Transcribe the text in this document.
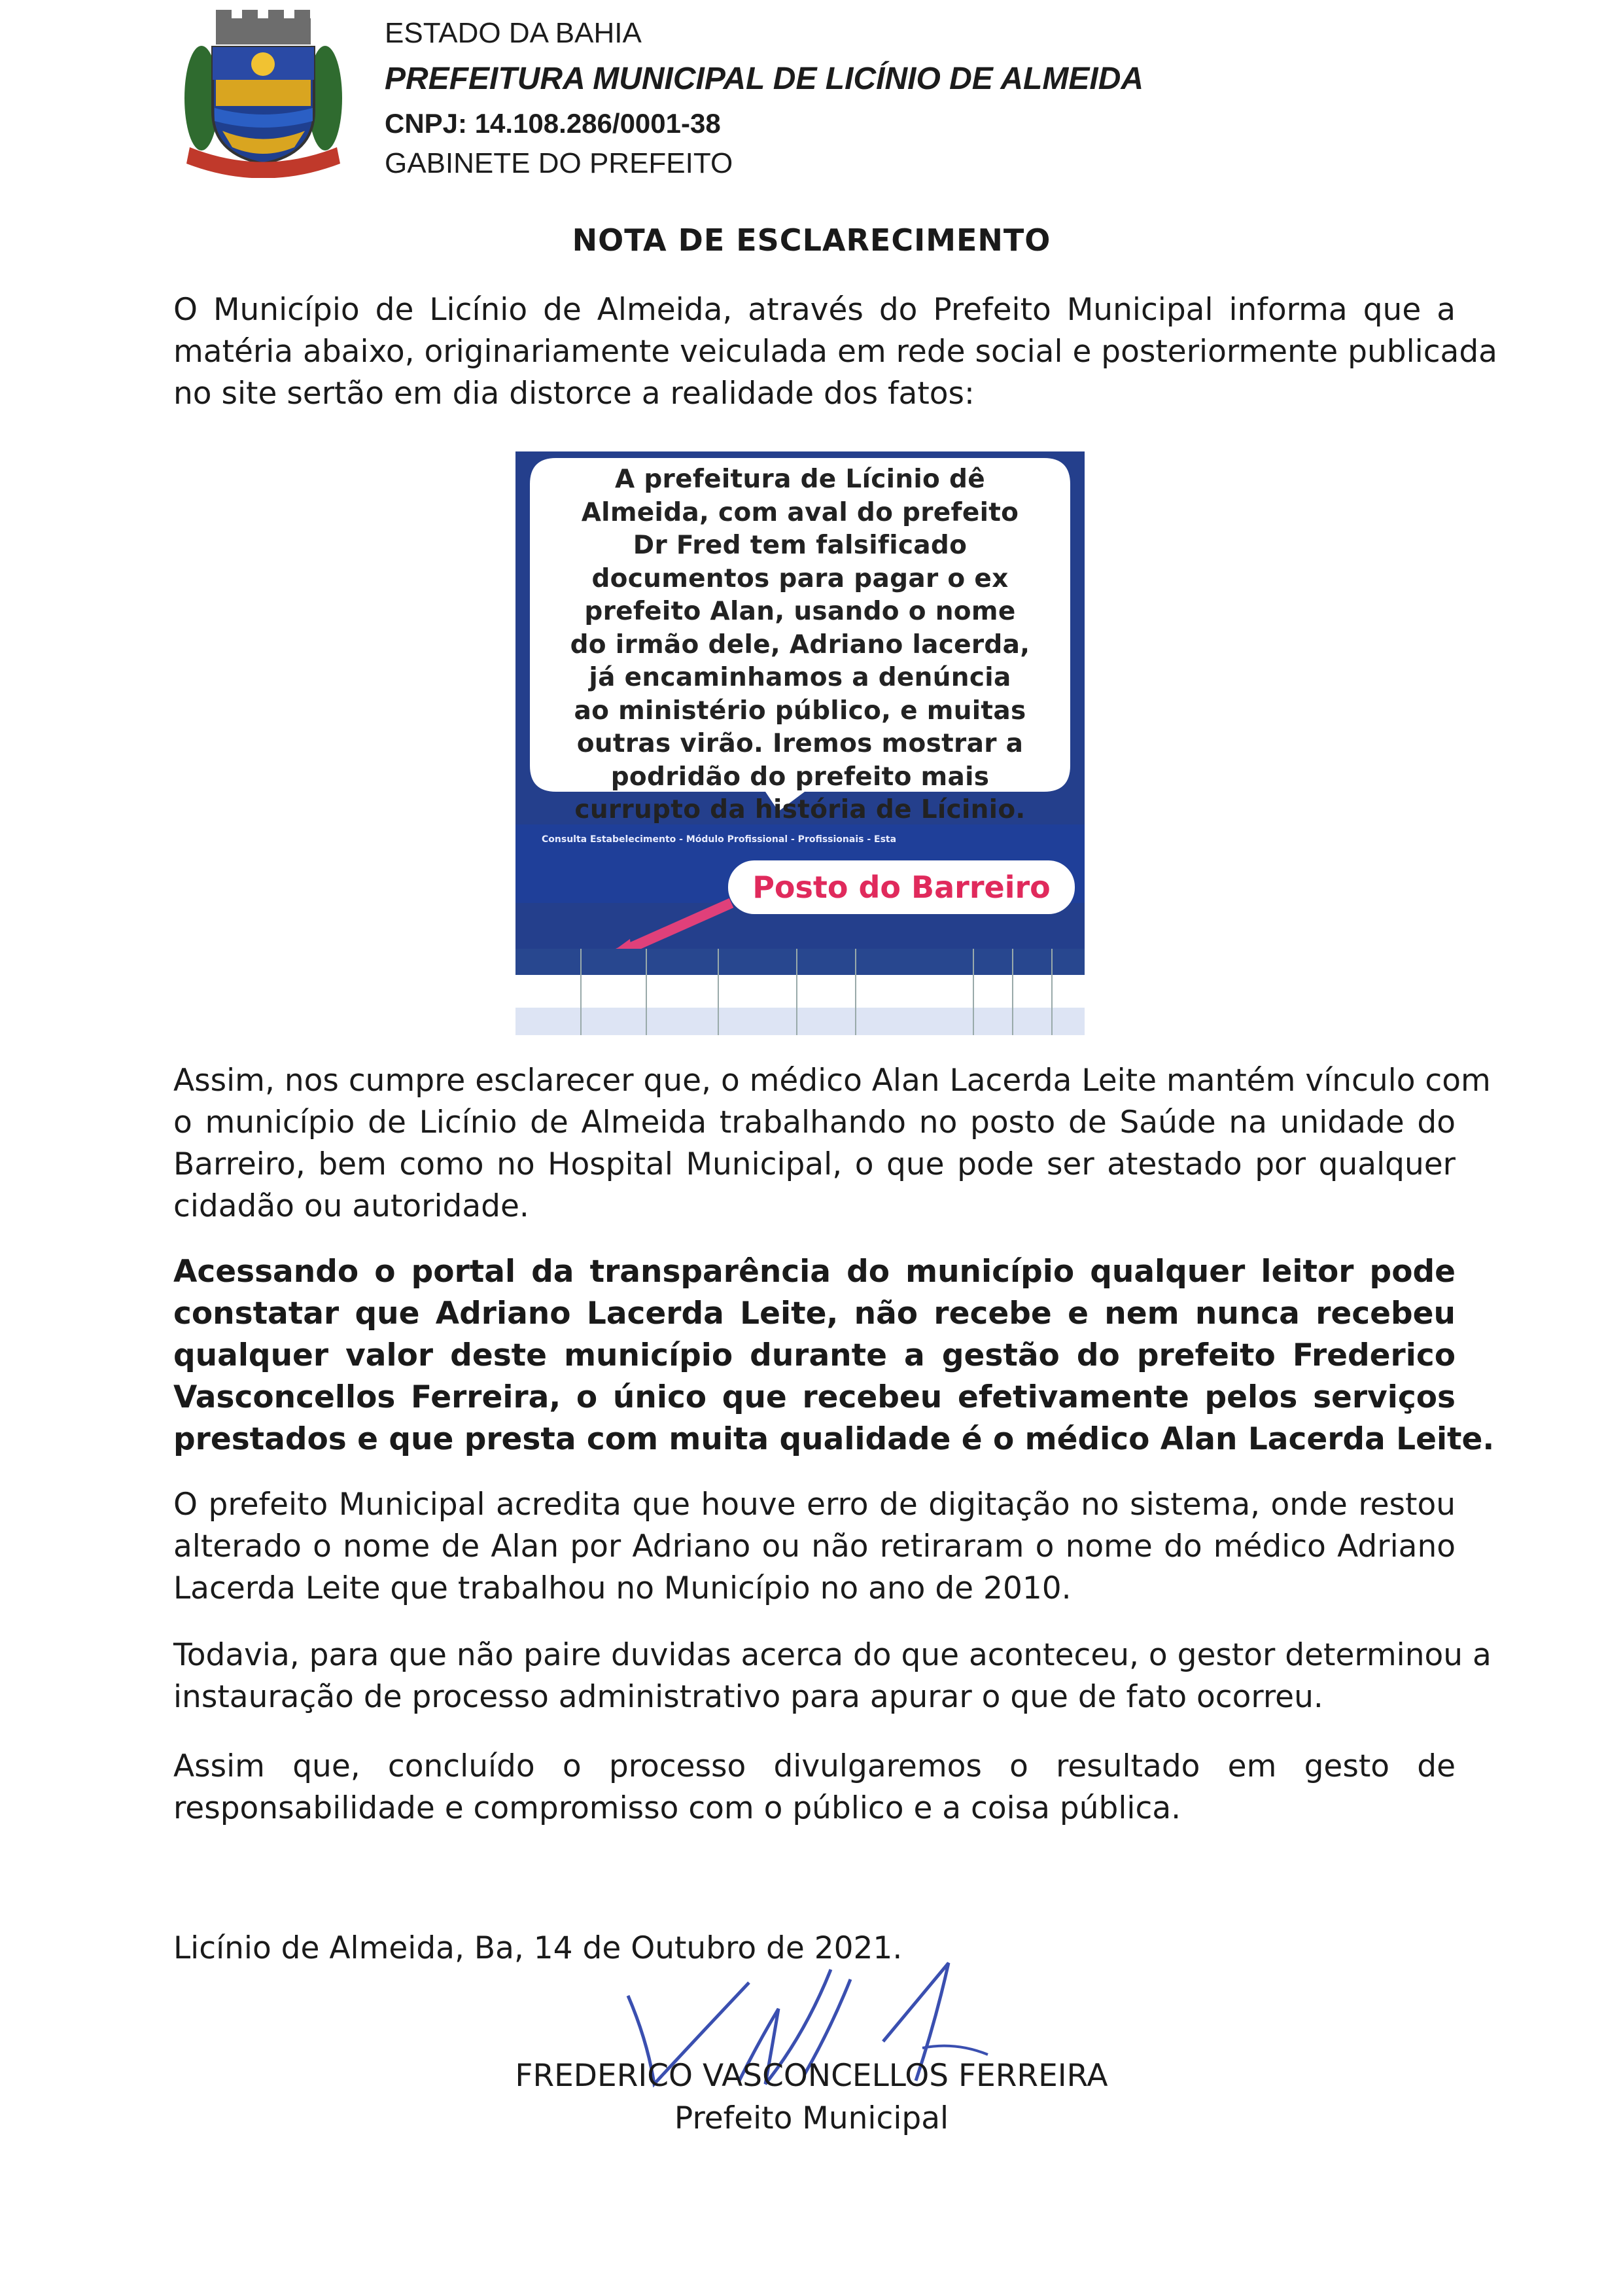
ESTADO DA BAHIA
PREFEITURA MUNICIPAL DE LICÍNIO DE ALMEIDA
CNPJ: 14.108.286/0001-38
GABINETE DO PREFEITO
NOTA DE ESCLARECIMENTO
O Município de Licínio de Almeida, através do Prefeito Municipal informa que a
matéria abaixo, originariamente veiculada em rede social e posteriormente publicada
no site sertão em dia distorce a realidade dos fatos:
A prefeitura de Lícinio dê
Almeida, com aval do prefeito
Dr Fred tem falsificado
documentos para pagar o ex
prefeito Alan, usando o nome
do irmão dele, Adriano lacerda,
já encaminhamos a denúncia
ao ministério público, e muitas
outras virão. Iremos mostrar a
podridão do prefeito mais
currupto da história de Lícinio.
Consulta Estabelecimento - Módulo Profissional - Profissionais - Esta
Posto do Barreiro
Assim, nos cumpre esclarecer que, o médico Alan Lacerda Leite mantém vínculo com
o município de Licínio de Almeida trabalhando no posto de Saúde na unidade do
Barreiro, bem como no Hospital Municipal, o que pode ser atestado por qualquer
cidadão ou autoridade.
Acessando o portal da transparência do município qualquer leitor pode
constatar que Adriano Lacerda Leite, não recebe e nem nunca recebeu
qualquer valor deste município durante a gestão do prefeito Frederico
Vasconcellos Ferreira, o único que recebeu efetivamente pelos serviços
prestados e que presta com muita qualidade é o médico Alan Lacerda Leite.
O prefeito Municipal acredita que houve erro de digitação no sistema, onde restou
alterado o nome de Alan por Adriano ou não retiraram o nome do médico Adriano
Lacerda Leite que trabalhou no Município no ano de 2010.
Todavia, para que não paire duvidas acerca do que aconteceu, o gestor determinou a
instauração de processo administrativo para apurar o que de fato ocorreu.
Assim que, concluído o processo divulgaremos o resultado em gesto de
responsabilidade e compromisso com o público e a coisa pública.
Licínio de Almeida, Ba, 14 de Outubro de 2021.
FREDERICO VASCONCELLOS FERREIRA
Prefeito Municipal
